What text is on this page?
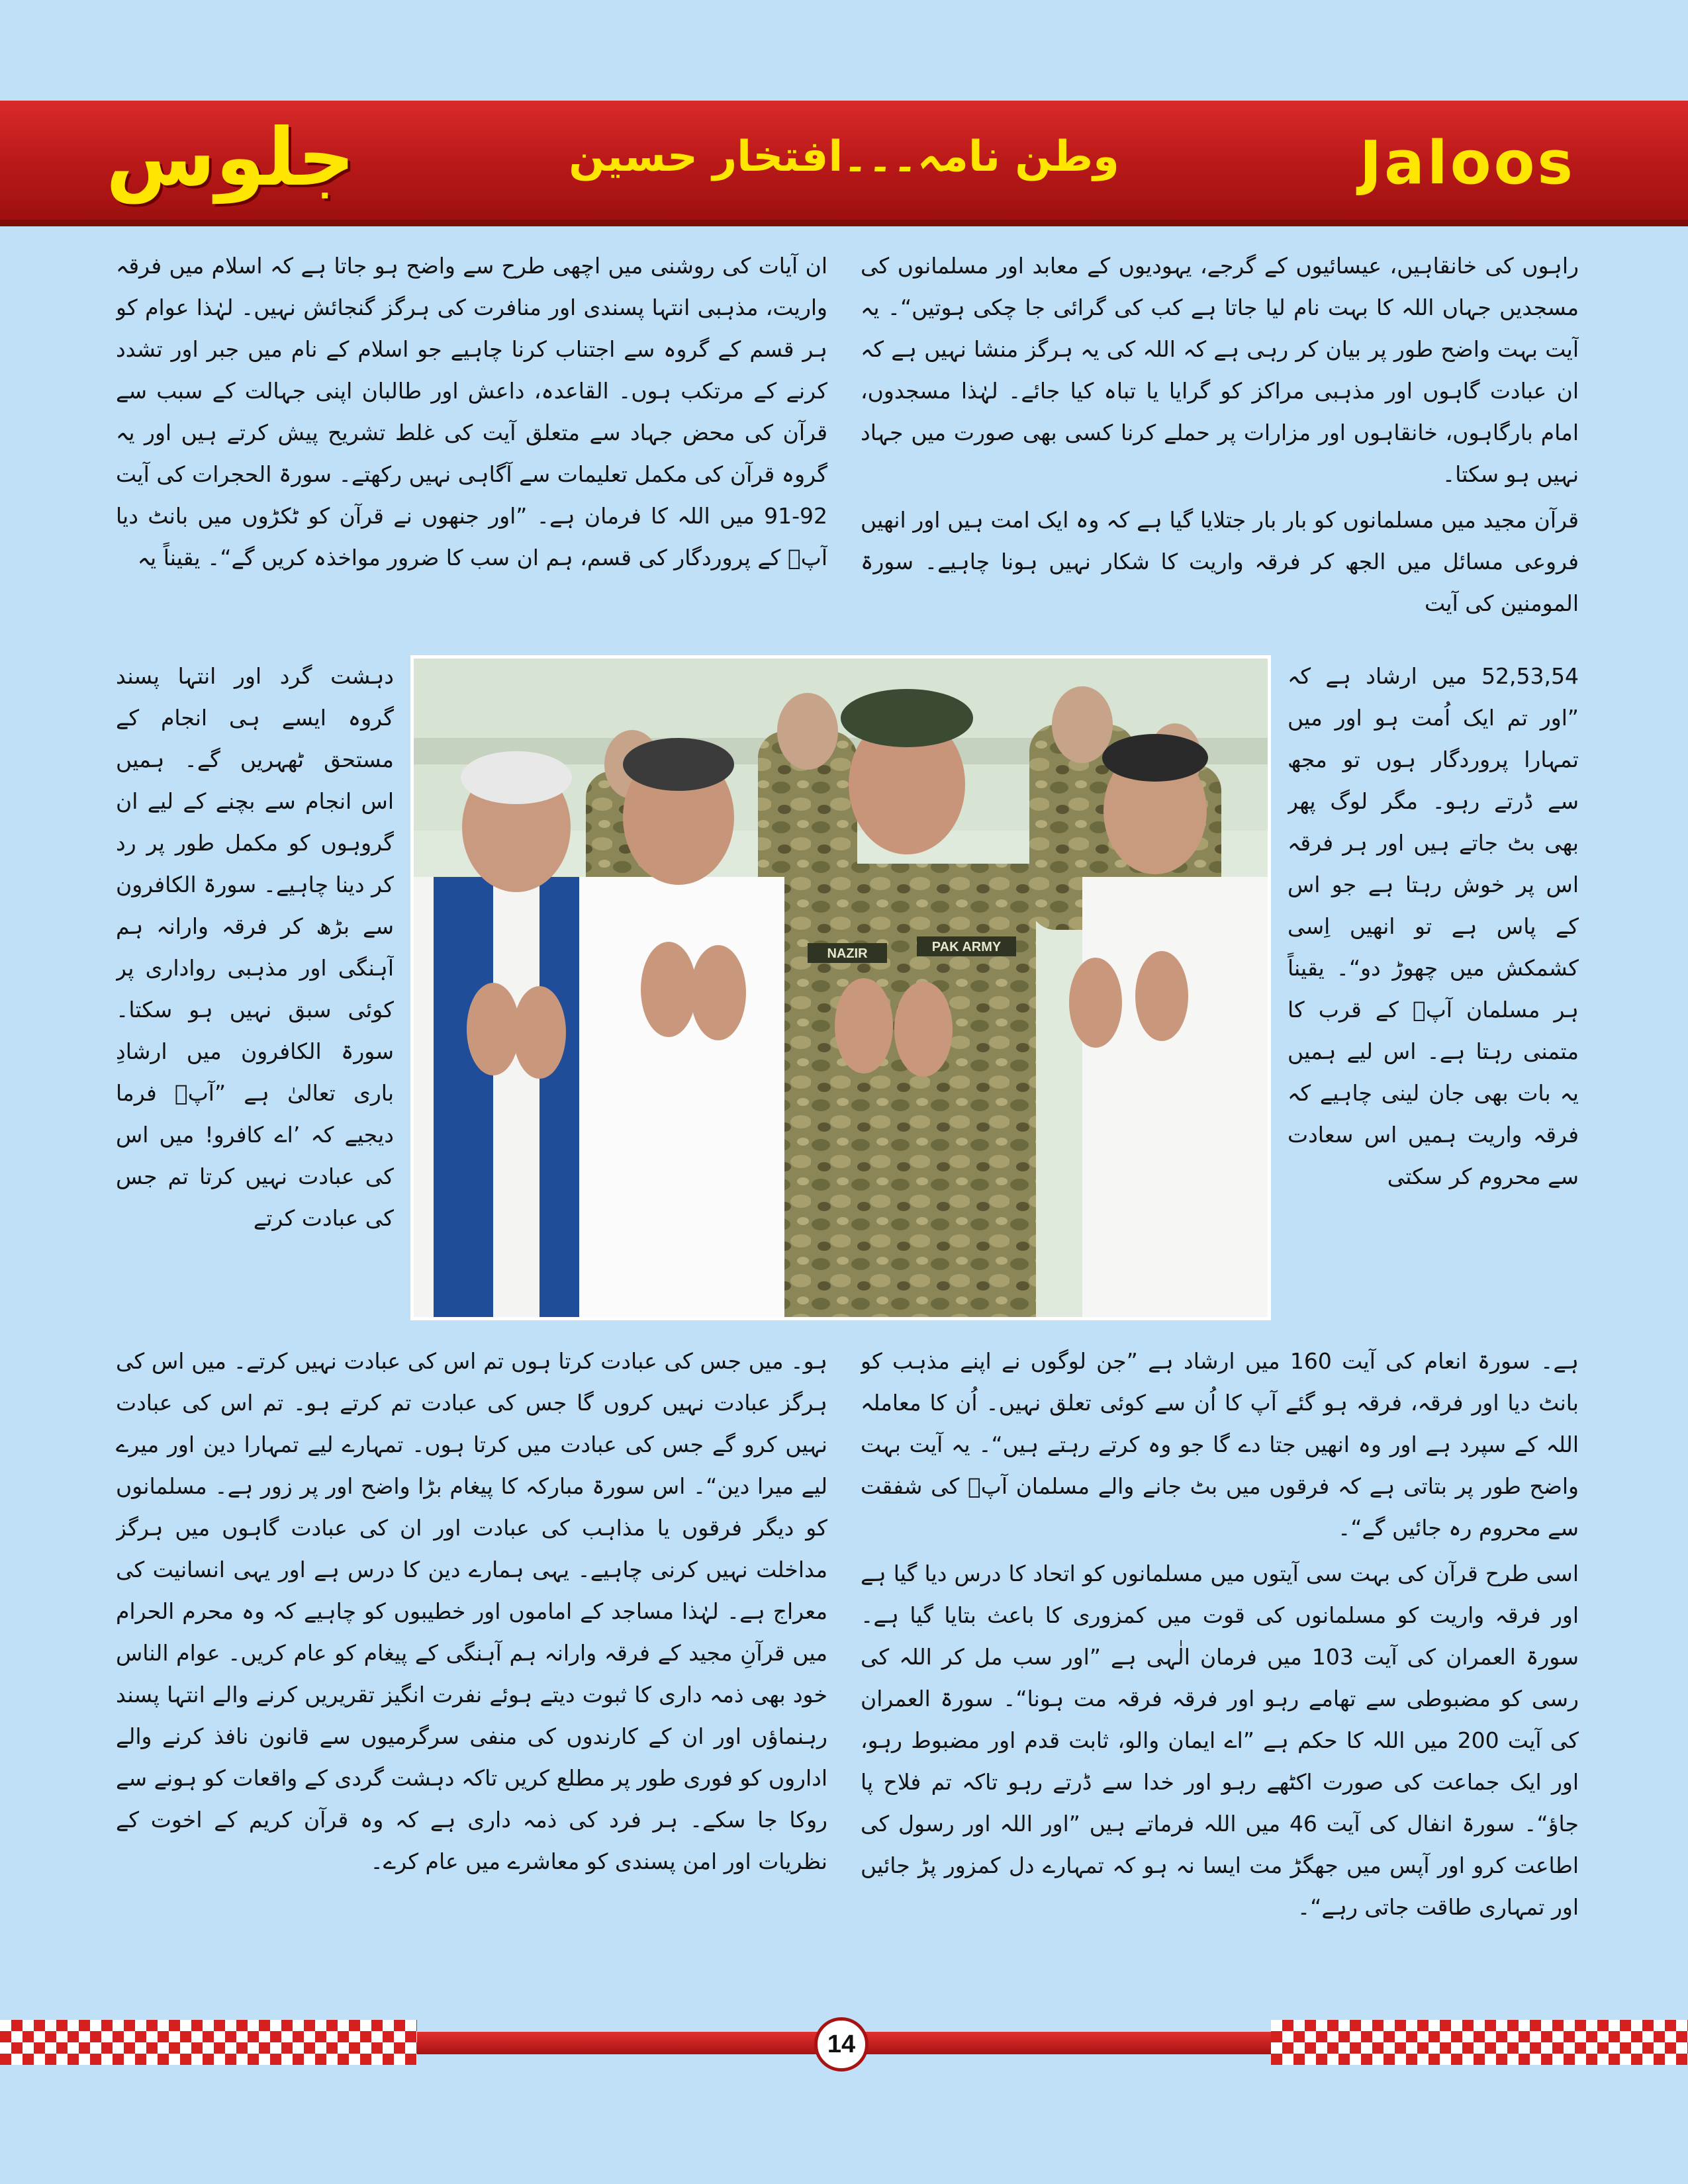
جلوس	وطن نامہ۔۔۔افتخار حسین	Jaloos

راہوں کی خانقاہیں، عیسائیوں کے گرجے، یہودیوں کے معابد اور مسلمانوں کی مسجدیں جہاں اللہ کا بہت نام لیا جاتا ہے کب کی گرائی جا چکی ہوتیں“۔ یہ آیت بہت واضح طور پر بیان کر رہی ہے کہ اللہ کی یہ ہرگز منشا نہیں ہے کہ ان عبادت گاہوں اور مذہبی مراکز کو گرایا یا تباہ کیا جائے۔ لہٰذا مسجدوں، امام بارگاہوں، خانقاہوں اور مزارات پر حملے کرنا کسی بھی صورت میں جہاد نہیں ہو سکتا۔

قرآن مجید میں مسلمانوں کو بار بار جتلایا گیا ہے کہ وہ ایک امت ہیں اور انھیں فروعی مسائل میں الجھ کر فرقہ واریت کا شکار نہیں ہونا چاہیے۔ سورۃ المومنین کی آیت

ان آیات کی روشنی میں اچھی طرح سے واضح ہو جاتا ہے کہ اسلام میں فرقہ واریت، مذہبی انتہا پسندی اور منافرت کی ہرگز گنجائش نہیں۔ لہٰذا عوام کو ہر قسم کے گروہ سے اجتناب کرنا چاہیے جو اسلام کے نام میں جبر اور تشدد کرنے کے مرتکب ہوں۔ القاعدہ، داعش اور طالبان اپنی جہالت کے سبب سے قرآن کی محض جہاد سے متعلق آیت کی غلط تشریح پیش کرتے ہیں اور یہ گروہ قرآن کی مکمل تعلیمات سے آگاہی نہیں رکھتے۔ سورۃ الحجرات کی آیت 92-91 میں اللہ کا فرمان ہے۔ ”اور جنھوں نے قرآن کو ٹکڑوں میں بانٹ دیا آپؐ کے پروردگار کی قسم، ہم ان سب کا ضرور مواخذہ کریں گے“۔ یقیناً یہ

52,53,54 میں ارشاد ہے کہ ”اور تم ایک اُمت ہو اور میں تمہارا پروردگار ہوں تو مجھ سے ڈرتے رہو۔ مگر لوگ پھر بھی بٹ جاتے ہیں اور ہر فرقہ اس پر خوش رہتا ہے جو اس کے پاس ہے تو انھیں اِسی کشمکش میں چھوڑ دو“۔ یقیناً ہر مسلمان آپؐ کے قرب کا متمنی رہتا ہے۔ اس لیے ہمیں یہ بات بھی جان لینی چاہیے کہ فرقہ واریت ہمیں اس سعادت سے محروم کر سکتی

دہشت گرد اور انتہا پسند گروہ ایسے ہی انجام کے مستحق ٹھہریں گے۔ ہمیں اس انجام سے بچنے کے لیے ان گروہوں کو مکمل طور پر رد کر دینا چاہیے۔ سورۃ الکافرون سے بڑھ کر فرقہ وارانہ ہم آہنگی اور مذہبی رواداری پر کوئی سبق نہیں ہو سکتا۔ سورۃ الکافرون میں ارشادِ باری تعالیٰ ہے ”آپؐ فرما دیجیے کہ ’اے کافرو! میں اس کی عبادت نہیں کرتا تم جس کی عبادت کرتے

NAZIR	PAK ARMY

ہے۔ سورۃ انعام کی آیت 160 میں ارشاد ہے ”جن لوگوں نے اپنے مذہب کو بانٹ دیا اور فرقہ، فرقہ ہو گئے آپ کا اُن سے کوئی تعلق نہیں۔ اُن کا معاملہ اللہ کے سپرد ہے اور وہ انھیں جتا دے گا جو وہ کرتے رہتے ہیں“۔ یہ آیت بہت واضح طور پر بتاتی ہے کہ فرقوں میں بٹ جانے والے مسلمان آپؐ کی شفقت سے محروم رہ جائیں گے“۔

اسی طرح قرآن کی بہت سی آیتوں میں مسلمانوں کو اتحاد کا درس دیا گیا ہے اور فرقہ واریت کو مسلمانوں کی قوت میں کمزوری کا باعث بتایا گیا ہے۔ سورۃ العمران کی آیت 103 میں فرمان الٰہی ہے ”اور سب مل کر اللہ کی رسی کو مضبوطی سے تھامے رہو اور فرقہ فرقہ مت ہونا“۔ سورۃ العمران کی آیت 200 میں اللہ کا حکم ہے ”اے ایمان والو، ثابت قدم اور مضبوط رہو، اور ایک جماعت کی صورت اکٹھے رہو اور خدا سے ڈرتے رہو تاکہ تم فلاح پا جاؤ“۔ سورۃ انفال کی آیت 46 میں اللہ فرماتے ہیں ”اور اللہ اور رسول کی اطاعت کرو اور آپس میں جھگڑ مت ایسا نہ ہو کہ تمہارے دل کمزور پڑ جائیں اور تمہاری طاقت جاتی رہے“۔

ہو۔ میں جس کی عبادت کرتا ہوں تم اس کی عبادت نہیں کرتے۔ میں اس کی ہرگز عبادت نہیں کروں گا جس کی عبادت تم کرتے ہو۔ تم اس کی عبادت نہیں کرو گے جس کی عبادت میں کرتا ہوں۔ تمہارے لیے تمہارا دین اور میرے لیے میرا دین“۔ اس سورۃ مبارکہ کا پیغام بڑا واضح اور پر زور ہے۔ مسلمانوں کو دیگر فرقوں یا مذاہب کی عبادت اور ان کی عبادت گاہوں میں ہرگز مداخلت نہیں کرنی چاہیے۔ یہی ہمارے دین کا درس ہے اور یہی انسانیت کی معراج ہے۔ لہٰذا مساجد کے اماموں اور خطیبوں کو چاہیے کہ وہ محرم الحرام میں قرآنِ مجید کے فرقہ وارانہ ہم آہنگی کے پیغام کو عام کریں۔ عوام الناس خود بھی ذمہ داری کا ثبوت دیتے ہوئے نفرت انگیز تقریریں کرنے والے انتہا پسند رہنماؤں اور ان کے کارندوں کی منفی سرگرمیوں سے قانون نافذ کرنے والے اداروں کو فوری طور پر مطلع کریں تاکہ دہشت گردی کے واقعات کو ہونے سے روکا جا سکے۔ ہر فرد کی ذمہ داری ہے کہ وہ قرآن کریم کے اخوت کے نظریات اور امن پسندی کو معاشرے میں عام کرے۔

14
